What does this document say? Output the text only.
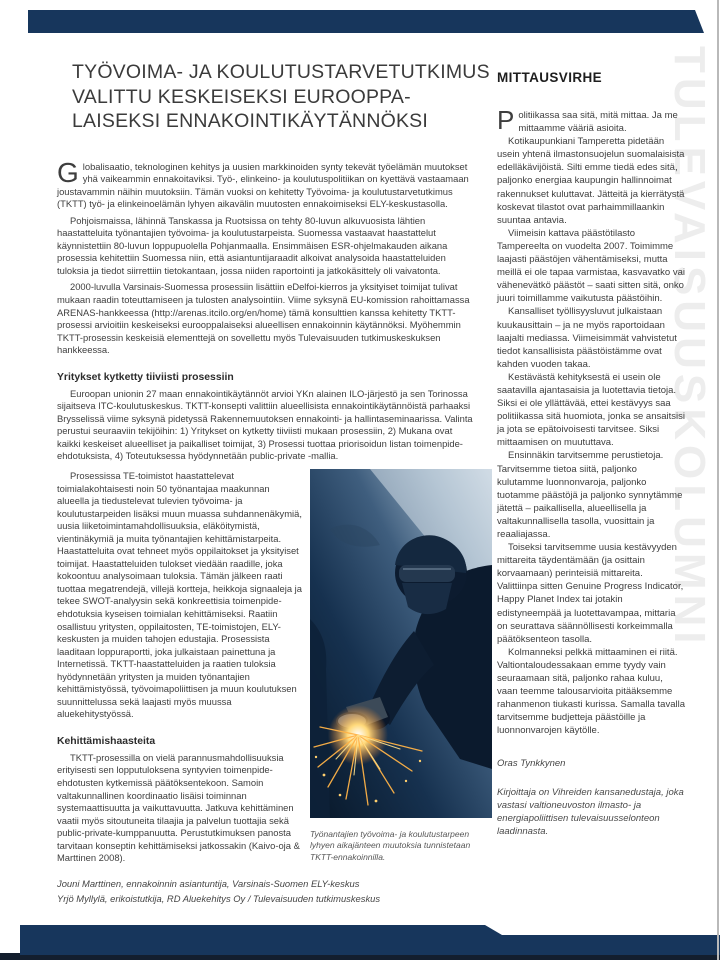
TULEVAISUUSKOLUMNI
TYÖVOIMA- JA KOULUTUSTARVETUTKIMUS
VALITTU KESKEISEKSI EUROOPPA-
LAISEKSI ENNAKOINTIKÄYTÄNNÖKSI

Globalisaatio, teknologinen kehitys ja uusien markkinoiden synty tekevät työelämän muutokset yhä vaikeammin ennakoitaviksi. Työ-, elinkeino- ja koulutuspolitiikan on kyettävä vastaamaan joustavammin näihin muutoksiin. Tämän vuoksi on kehitetty Työvoima- ja koulutustarvetutkimus (TKTT) työ- ja elinkeinoelämän lyhyen aikavälin muutosten ennakoimiseksi ELY-keskustasolla.

Pohjoismaissa, lähinnä Tanskassa ja Ruotsissa on tehty 80-luvun alkuvuosista lähtien haastatteluita työnantajien työvoima- ja koulutustarpeista. Suomessa vastaavat haastattelut käynnistettiin 80-luvun loppupuolella Pohjanmaalla. Ensimmäisen ESR-ohjelmakauden aikana prosessia kehitettiin Suomessa niin, että asiantuntijaraadit alkoivat analysoida haastatteluiden tuloksia ja tiedot siirrettiin tietokantaan, jossa niiden raportointi ja jatkokäsittely oli vaivatonta.
2000-luvulla Varsinais-Suomessa prosessiin lisättiin eDelfoi-kierros ja yksityiset toimijat tulivat mukaan raadin toteuttamiseen ja tulosten analysointiin. Viime syksynä EU-komission rahoittamassa ARENAS-hankkeessa (http://arenas.itcilo.org/en/home) tämä konsulttien kanssa kehitetty TKTT-prosessi arvioitiin keskeiseksi eurooppalaiseksi alueellisen ennakoinnin käytännöksi. Myöhemmin TKTT-prosessin keskeisiä elementtejä on sovellettu myös Tulevaisuuden tutkimuskeskuksen hankkeessa.
Yritykset kytketty tiiviisti prosessiin
Euroopan unionin 27 maan ennakointikäytännöt arvioi YKn alainen ILO-järjestö ja sen Torinossa sijaitseva ITC-koulutuskeskus. TKTT-konsepti valittiin alueellisista ennakointikäytännöistä parhaaksi Brysselissä viime syksynä pidetyssä Rakennemuutoksen ennakointi- ja hallintaseminaarissa. Valinta perustui seuraaviin tekijöihin: 1) Yritykset on kytketty tiiviisti mukaan prosessiin, 2) Mukana ovat kaikki keskeiset alueelliset ja paikalliset toimijat, 3) Prosessi tuottaa priorisoidun listan toimenpide-ehdotuksista, 4) Toteutuksessa hyödynnetään public-private -mallia.
Prosessissa TE-toimistot haastattelevat toimialakohtaisesti noin 50 työnantajaa maakunnan alueella ja tiedustelevat tulevien työvoima- ja koulutustarpeiden lisäksi muun muassa suhdannenäkymiä, uusia liiketoimintamahdollisuuksia, eläköitymistä, vientinäkymiä ja muita työnantajien kehittämistarpeita. Haastatteluita ovat tehneet myös oppilaitokset ja yksityiset toimijat. Haastatteluiden tulokset viedään raadille, joka kokoontuu analysoimaan tuloksia. Tämän jälkeen raati tuottaa megatrendejä, villejä kortteja, heikkoja signaaleja ja tekee SWOT-analyysin sekä konkreettisia toimenpide-ehdotuksia kyseisen toimialan kehittämiseksi. Raatiin osallistuu yritysten, oppilaitosten, TE-toimistojen, ELY-keskusten ja muiden tahojen edustajia. Prosessista laaditaan loppuraportti, joka julkaistaan painettuna ja Internetissä. TKTT-haastatteluiden ja raatien tuloksia hyödynnetään yritysten ja muiden työnantajien kehittämistyössä, työvoimapoliittisen ja muun koulutuksen suunnittelussa sekä laajasti myös muussa aluekehitystyössä.
Kehittämishaasteita
TKTT-prosessilla on vielä parannusmahdollisuuksia erityisesti sen lopputuloksena syntyvien toimenpide-ehdotusten kytkemissä päätöksentekoon. Samoin valtakunnallinen koordinaatio lisäisi toiminnan systemaattisuutta ja vaikuttavuutta. Jatkuva kehittäminen vaatii myös sitoutuneita tilaajia ja palvelun tuottajia sekä public-private-kumppanuutta. Perustutkimuksen panosta tarvitaan konseptin kehittämiseksi jatkossakin (Kaivo-oja & Marttinen 2008).
Työnantajien työvoima- ja koulutustarpeen lyhyen aikajänteen muutoksia tunnistetaan TKTT-ennakoinnilla.
Jouni Marttinen, ennakoinnin asiantuntija, Varsinais-Suomen ELY-keskus
Yrjö Myllylä, erikoistutkija, RD Aluekehitys Oy / Tulevaisuuden tutkimuskeskus
MITTAUSVIRHE

Politiikassa saa sitä, mitä mittaa. Ja me mittaamme vääriä asioita.

Kotikaupunkiani Tamperetta pidetään usein yhtenä ilmastonsuojelun suomalaisista edelläkävijöistä. Silti emme tiedä edes sitä, paljonko energiaa kaupungin hallinnoimat rakennukset kuluttavat. Jätteitä ja kierrätystä koskevat tilastot ovat parhaimmillaankin suuntaa antavia.
Viimeisin kattava päästötilasto Tampereelta on vuodelta 2007. Toimimme laajasti päästöjen vähentämiseksi, mutta meillä ei ole tapaa varmistaa, kasvavatko vai vähenevätkö päästöt – saati sitten sitä, onko juuri toimillamme vaikutusta päästöihin.
Kansalliset työllisyysluvut julkaistaan kuukausittain – ja ne myös raportoidaan laajalti mediassa. Viimeisimmät vahvistetut tiedot kansallisista päästöistämme ovat kahden vuoden takaa.
Kestävästä kehityksestä ei usein ole saatavilla ajantasaisia ja luotettavia tietoja. Siksi ei ole yllättävää, ettei kestävyys saa politiikassa sitä huomiota, jonka se ansaitsisi ja jota se epätoivoisesti tarvitsee. Siksi mittaamisen on muututtava.
Ensinnäkin tarvitsemme perustietoja. Tarvitsemme tietoa siitä, paljonko kulutamme luonnonvaroja, paljonko tuotamme päästöjä ja paljonko synnytämme jätettä – paikallisella, alueellisella ja valtakunnallisella tasolla, vuosittain ja reaaliajassa.
Toiseksi tarvitsemme uusia kestävyyden mittareita täydentämään (ja osittain korvaamaan) perinteisiä mittareita. Valittiinpa sitten Genuine Progress Indicator, Happy Planet Index tai jotakin edistyneempää ja luotettavampaa, mittaria on seurattava säännöllisesti korkeimmalla päätöksenteon tasolla.
Kolmanneksi pelkkä mittaaminen ei riitä. Valtiontaloudessakaan emme tyydy vain seuraamaan sitä, paljonko rahaa kuluu, vaan teemme talousarvioita pitääksemme rahanmenon tiukasti kurissa. Samalla tavalla tarvitsemme budjetteja päästöille ja luonnonvarojen käytölle.

Oras Tynkkynen

Kirjoittaja on Vihreiden kansanedustaja, joka vastasi valtioneuvoston ilmasto- ja energiapoliittisen tulevaisuusselonteon laadinnasta.
